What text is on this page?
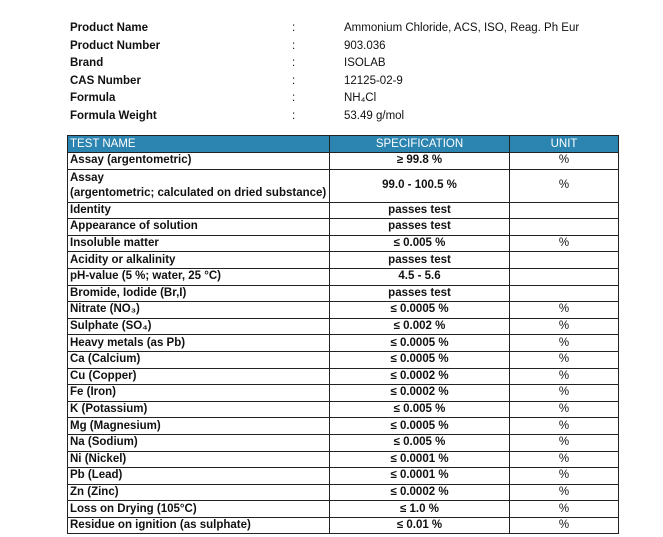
Product Name	:	Ammonium Chloride, ACS, ISO, Reag. Ph Eur
Product Number	:	903.036
Brand	:	ISOLAB
CAS Number	:	12125-02-9
Formula	:	NH₄Cl
Formula Weight	:	53.49 g/mol
TEST NAME	SPECIFICATION	UNIT
Assay (argentometric)	≥ 99.8 %	%
Assay
(argentometric; calculated on dried substance)	99.0 - 100.5 %	%
Identity	passes test	
Appearance of solution	passes test	
Insoluble matter	≤ 0.005 %	%
Acidity or alkalinity	passes test	
pH-value (5 %; water, 25 °C)	4.5 - 5.6	
Bromide, Iodide (Br,I)	passes test	
Nitrate (NO₃)	≤ 0.0005 %	%
Sulphate (SO₄)	≤ 0.002 %	%
Heavy metals (as Pb)	≤ 0.0005 %	%
Ca (Calcium)	≤ 0.0005 %	%
Cu (Copper)	≤ 0.0002 %	%
Fe (Iron)	≤ 0.0002 %	%
K (Potassium)	≤ 0.005 %	%
Mg (Magnesium)	≤ 0.0005 %	%
Na (Sodium)	≤ 0.005 %	%
Ni (Nickel)	≤ 0.0001 %	%
Pb (Lead)	≤ 0.0001 %	%
Zn (Zinc)	≤ 0.0002 %	%
Loss on Drying (105°C)	≤ 1.0 %	%
Residue on ignition (as sulphate)	≤ 0.01 %	%
